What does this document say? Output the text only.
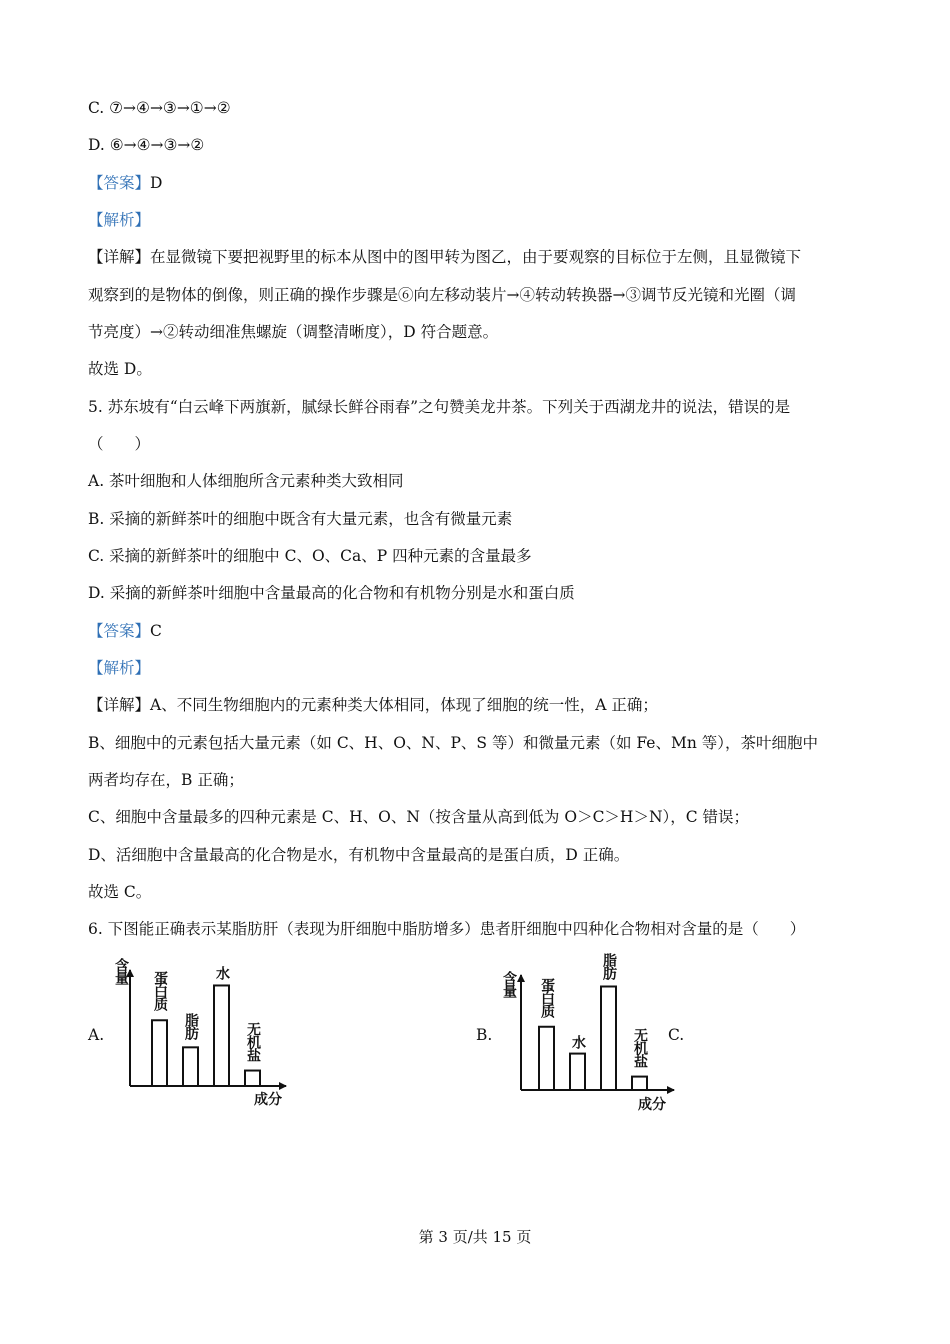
C. ⑦→④→③→①→②
D. ⑥→④→③→②
【答案】D
【解析】
【详解】在显微镜下要把视野里的标本从图中的图甲转为图乙，由于要观察的目标位于左侧，且显微镜下
观察到的是物体的倒像，则正确的操作步骤是⑥向左移动装片→④转动转换器→③调节反光镜和光圈（调
节亮度）→②转动细准焦螺旋（调整清晰度），D 符合题意。
故选 D。
5. 苏东坡有“白云峰下两旗新，腻绿长鲜谷雨春”之句赞美龙井茶。下列关于西湖龙井的说法，错误的是
（　　）
A. 茶叶细胞和人体细胞所含元素种类大致相同
B. 采摘的新鲜茶叶的细胞中既含有大量元素，也含有微量元素
C. 采摘的新鲜茶叶的细胞中 C、O、Ca、P 四种元素的含量最多
D. 采摘的新鲜茶叶细胞中含量最高的化合物和有机物分别是水和蛋白质
【答案】C
【解析】
【详解】A、不同生物细胞内的元素种类大体相同，体现了细胞的统一性，A 正确；
B、细胞中的元素包括大量元素（如 C、H、O、N、P、S 等）和微量元素（如 Fe、Mn 等），茶叶细胞中
两者均存在，B 正确；
C、细胞中含量最多的四种元素是 C、H、O、N（按含量从高到低为 O＞C＞H＞N），C 错误；
D、活细胞中含量最高的化合物是水，有机物中含量最高的是蛋白质，D 正确。
故选 C。
6. 下图能正确表示某脂肪肝（表现为肝细胞中脂肪增多）患者肝细胞中四种化合物相对含量的是（　　）
A.	B.	C.
含量
成分
蛋白质
脂肪
水
无机盐
含量
成分
蛋白质
水
脂肪
无机盐
第 3 页/共 15 页
